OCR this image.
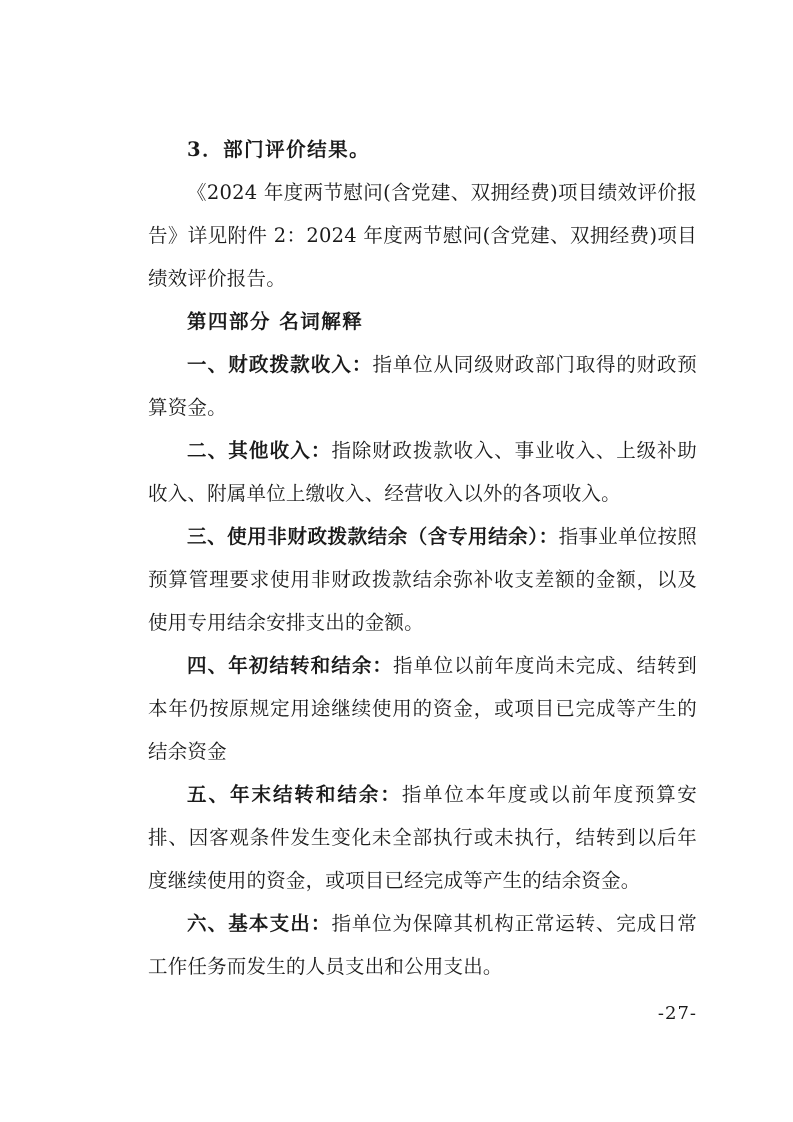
3．部门评价结果。

《2024 年度两节慰问(含党建、双拥经费)项目绩效评价报告》详见附件 2：2024 年度两节慰问(含党建、双拥经费)项目绩效评价报告。

第四部分 名词解释

一、财政拨款收入：指单位从同级财政部门取得的财政预算资金。

二、其他收入：指除财政拨款收入、事业收入、上级补助收入、附属单位上缴收入、经营收入以外的各项收入。

三、使用非财政拨款结余（含专用结余）：指事业单位按照预算管理要求使用非财政拨款结余弥补收支差额的金额，以及使用专用结余安排支出的金额。

四、年初结转和结余：指单位以前年度尚未完成、结转到本年仍按原规定用途继续使用的资金，或项目已完成等产生的结余资金

五、年末结转和结余：指单位本年度或以前年度预算安排、因客观条件发生变化未全部执行或未执行，结转到以后年度继续使用的资金，或项目已经完成等产生的结余资金。

六、基本支出：指单位为保障其机构正常运转、完成日常工作任务而发生的人员支出和公用支出。

-27-
